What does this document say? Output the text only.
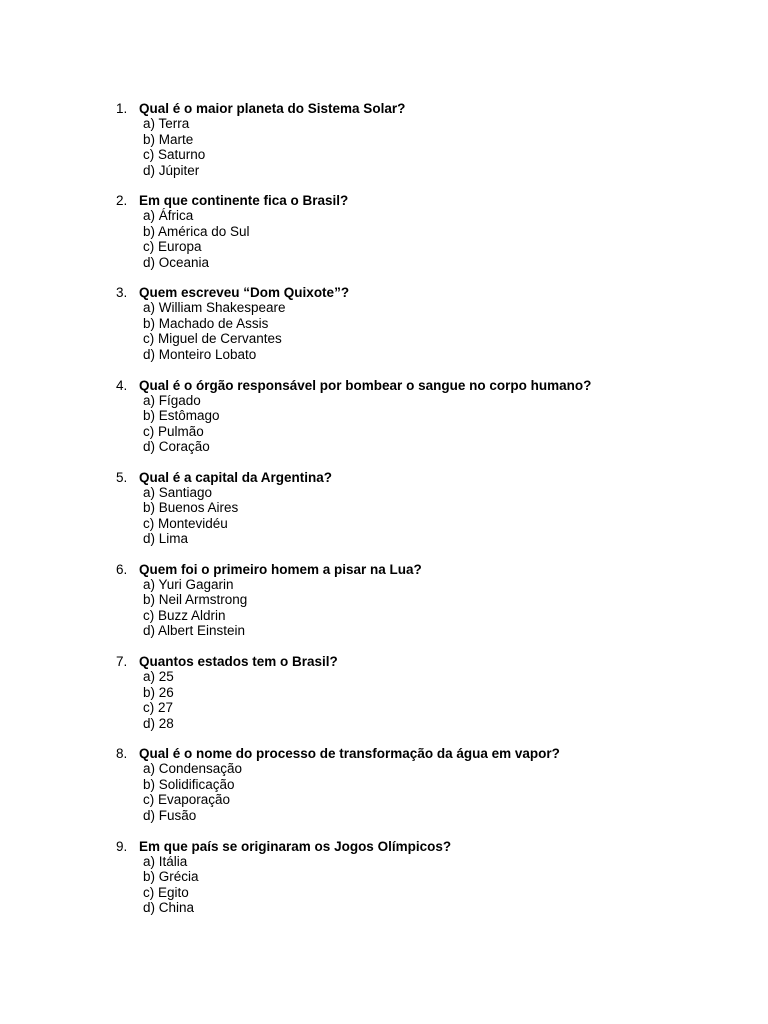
1. Qual é o maior planeta do Sistema Solar?
a) Terra
b) Marte
c) Saturno
d) Júpiter
2. Em que continente fica o Brasil?
a) África
b) América do Sul
c) Europa
d) Oceania
3. Quem escreveu “Dom Quixote”?
a) William Shakespeare
b) Machado de Assis
c) Miguel de Cervantes
d) Monteiro Lobato
4. Qual é o órgão responsável por bombear o sangue no corpo humano?
a) Fígado
b) Estômago
c) Pulmão
d) Coração
5. Qual é a capital da Argentina?
a) Santiago
b) Buenos Aires
c) Montevidéu
d) Lima
6. Quem foi o primeiro homem a pisar na Lua?
a) Yuri Gagarin
b) Neil Armstrong
c) Buzz Aldrin
d) Albert Einstein
7. Quantos estados tem o Brasil?
a) 25
b) 26
c) 27
d) 28
8. Qual é o nome do processo de transformação da água em vapor?
a) Condensação
b) Solidificação
c) Evaporação
d) Fusão
9. Em que país se originaram os Jogos Olímpicos?
a) Itália
b) Grécia
c) Egito
d) China
